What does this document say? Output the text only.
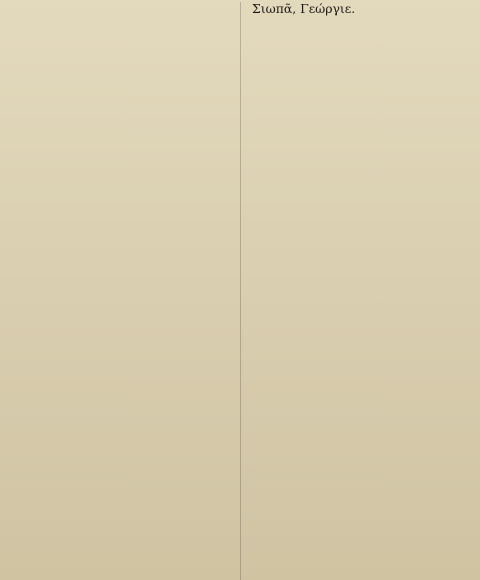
Σιωπᾶ, Γεώργιε.
